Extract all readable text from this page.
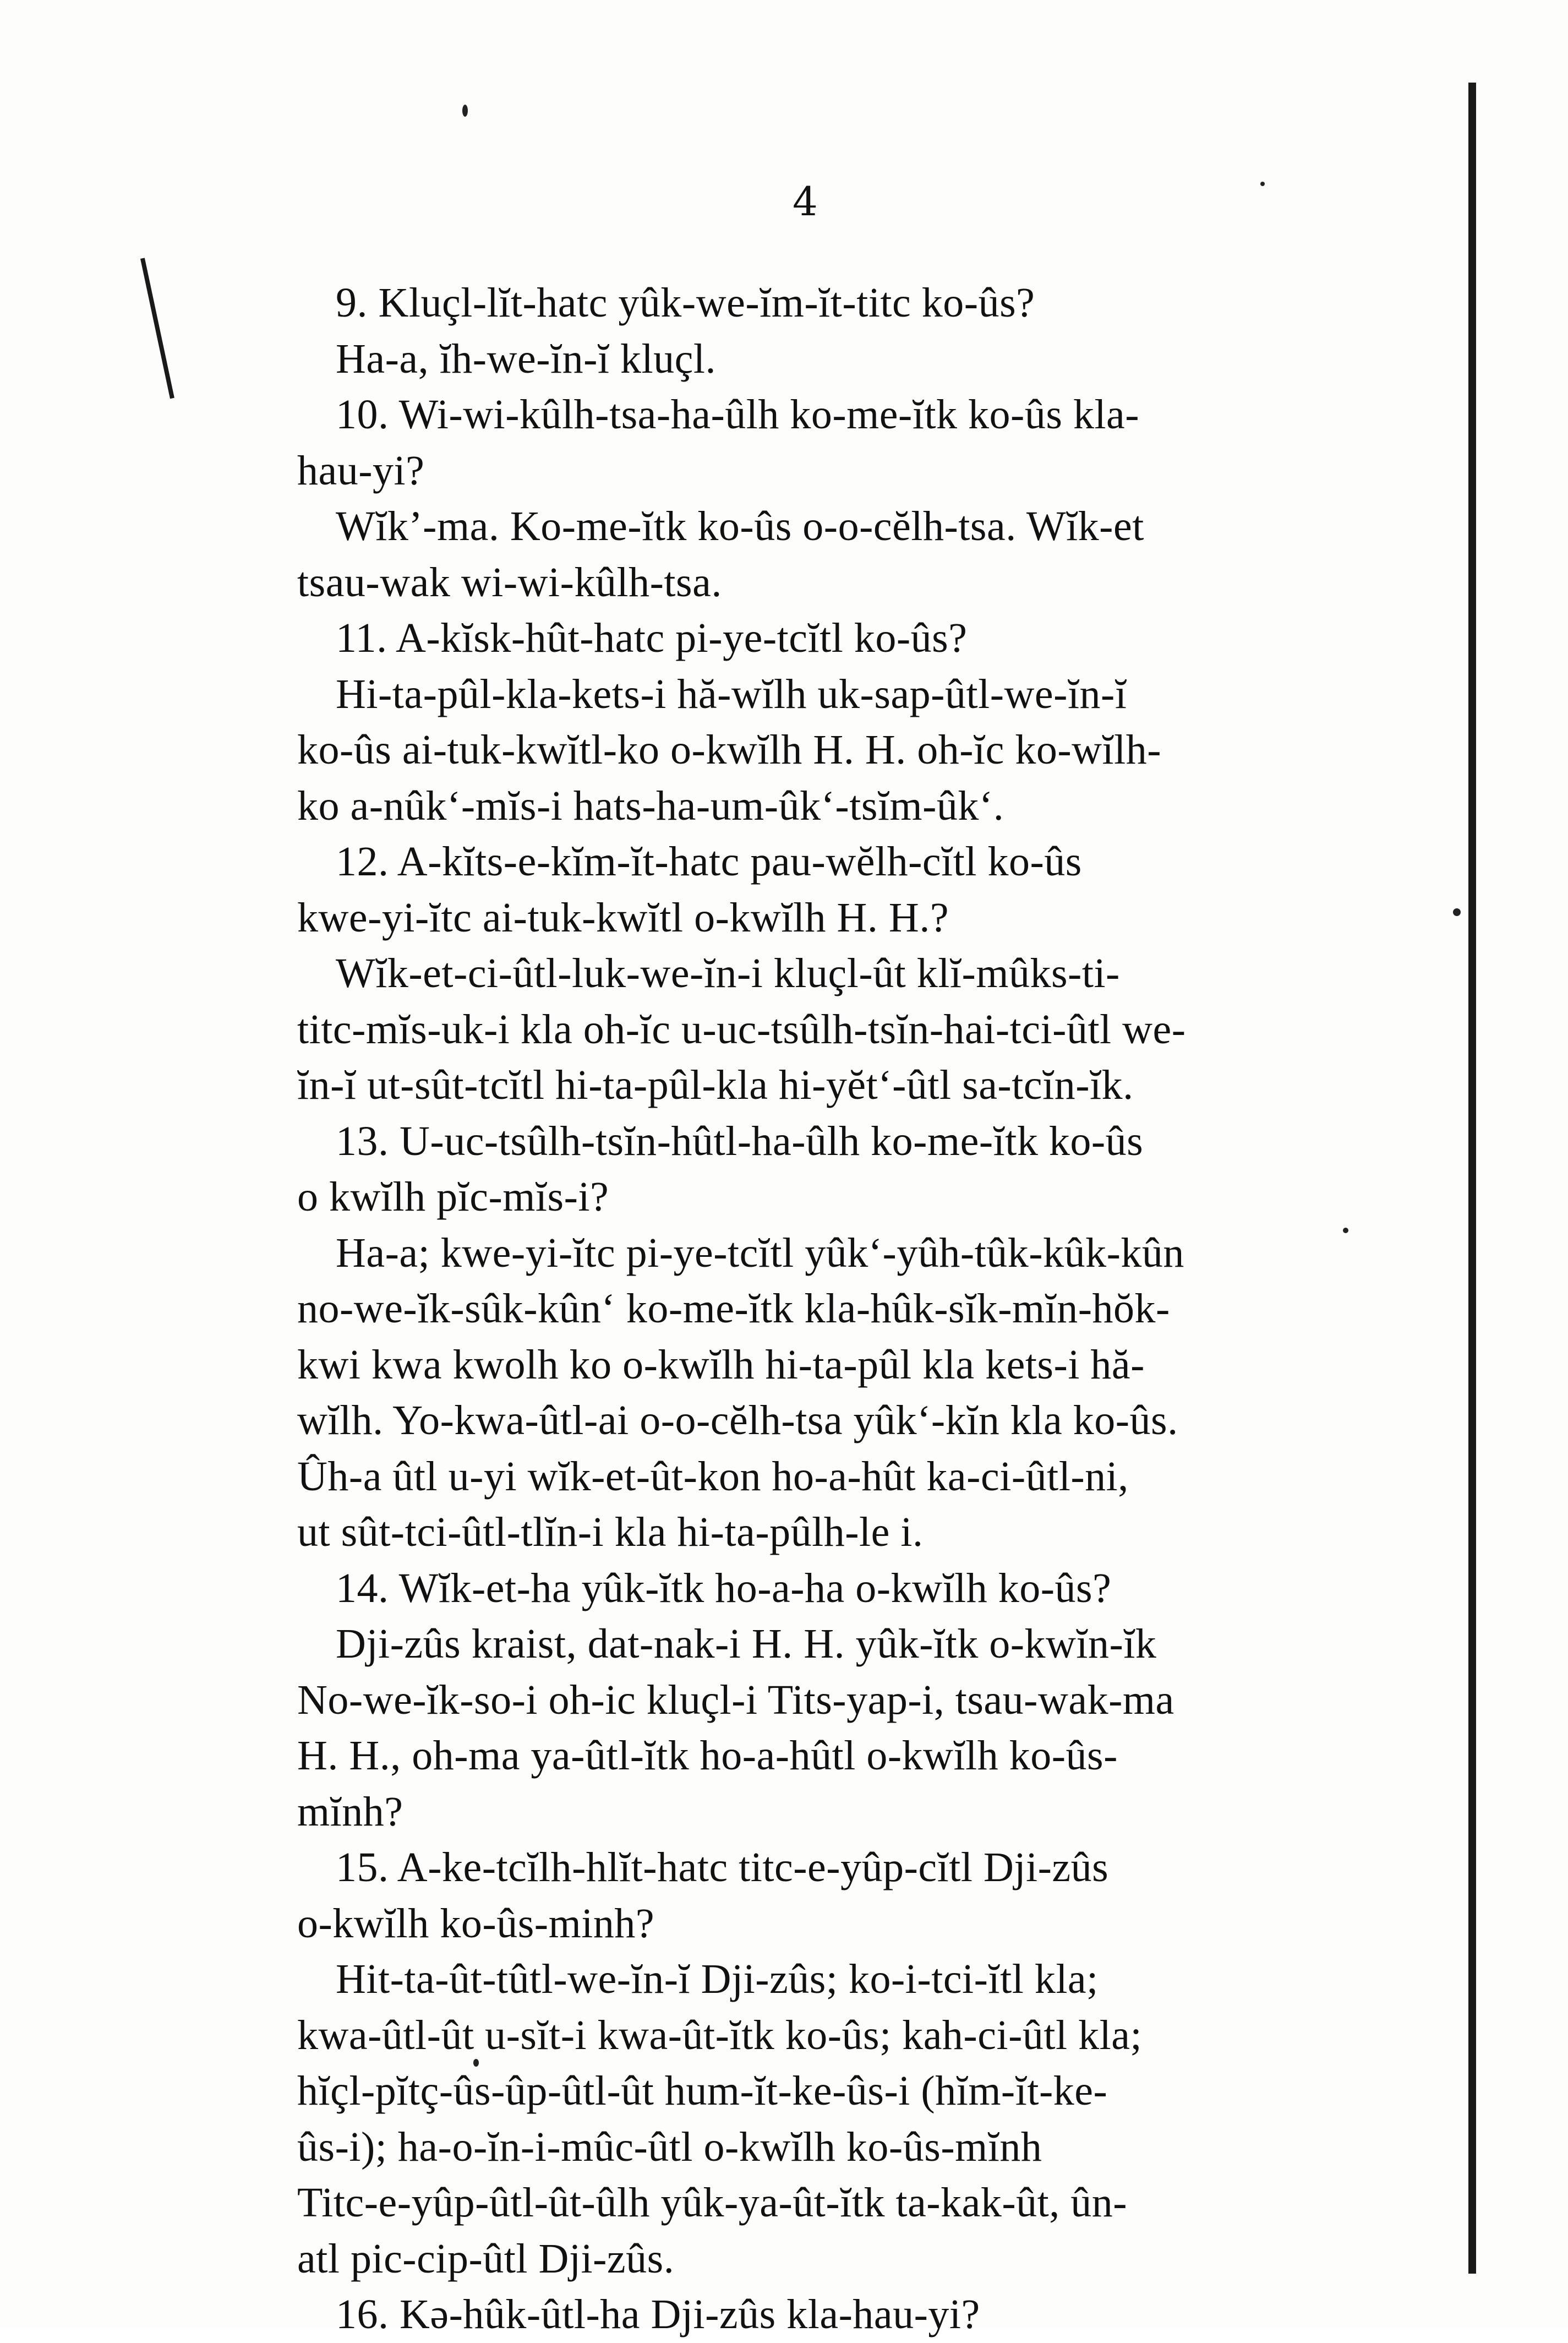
4
9. Kluçl-lĭt-hatc yûk-we-ĭm-ĭt-titc ko-ûs?
Ha-a, ĭh-we-ĭn-ĭ kluçl.
10. Wi-wi-kûlh-tsa-ha-ûlh ko-me-ĭtk ko-ûs kla-
hau-yi?
Wĭk’-ma. Ko-me-ĭtk ko-ûs o-o-cĕlh-tsa. Wĭk-et
tsau-wak wi-wi-kûlh-tsa.
11. A-kĭsk-hût-hatc pi-ye-tcĭtl ko-ûs?
Hi-ta-pûl-kla-kets-i hă-wĭlh uk-sap-ûtl-we-ĭn-ĭ
ko-ûs ai-tuk-kwĭtl-ko o-kwĭlh H. H. oh-ĭc ko-wĭlh-
ko a-nûk‘-mĭs-i hats-ha-um-ûk‘-tsĭm-ûk‘.
12. A-kĭts-e-kĭm-ĭt-hatc pau-wĕlh-cĭtl ko-ûs
kwe-yi-ĭtc ai-tuk-kwĭtl o-kwĭlh H. H.?
Wĭk-et-ci-ûtl-luk-we-ĭn-i kluçl-ût klĭ-mûks-ti-
titc-mĭs-uk-i kla oh-ĭc u-uc-tsûlh-tsĭn-hai-tci-ûtl we-
ĭn-ĭ ut-sût-tcĭtl hi-ta-pûl-kla hi-yĕt‘-ûtl sa-tcĭn-ĭk.
13. U-uc-tsûlh-tsĭn-hûtl-ha-ûlh ko-me-ĭtk ko-ûs
o kwĭlh pĭc-mĭs-i?
Ha-a; kwe-yi-ĭtc pi-ye-tcĭtl yûk‘-yûh-tûk-kûk-kûn
no-we-ĭk-sûk-kûn‘ ko-me-ĭtk kla-hûk-sĭk-mĭn-hŏk-
kwi kwa kwolh ko o-kwĭlh hi-ta-pûl kla kets-i hă-
wĭlh. Yo-kwa-ûtl-ai o-o-cĕlh-tsa yûk‘-kĭn kla ko-ûs.
Ûh-a ûtl u-yi wĭk-et-ût-kon ho-a-hût ka-ci-ûtl-ni,
ut sût-tci-ûtl-tlĭn-i kla hi-ta-pûlh-le i.
14. Wĭk-et-ha yûk-ĭtk ho-a-ha o-kwĭlh ko-ûs?
Dji-zûs kraist, dat-nak-i H. H. yûk-ĭtk o-kwĭn-ĭk
No-we-ĭk-so-i oh-ic kluçl-i Tits-yap-i, tsau-wak-ma
H. H., oh-ma ya-ûtl-ĭtk ho-a-hûtl o-kwĭlh ko-ûs-
mĭnh?
15. A-ke-tcĭlh-hlĭt-hatc titc-e-yûp-cĭtl Dji-zûs
o-kwĭlh ko-ûs-minh?
Hit-ta-ût-tûtl-we-ĭn-ĭ Dji-zûs; ko-i-tci-ĭtl kla;
kwa-ûtl-ût u-sĭt-i kwa-ût-ĭtk ko-ûs; kah-ci-ûtl kla;
hĭçl-pĭtç-ûs-ûp-ûtl-ût hum-ĭt-ke-ûs-i (hĭm-ĭt-ke-
ûs-i); ha-o-ĭn-i-mûc-ûtl o-kwĭlh ko-ûs-mĭnh
Titc-e-yûp-ûtl-ût-ûlh yûk-ya-ût-ĭtk ta-kak-ût, ûn-
atl pic-cip-ûtl Dji-zûs.
16. Kə-hûk-ûtl-ha Dji-zûs kla-hau-yi?
